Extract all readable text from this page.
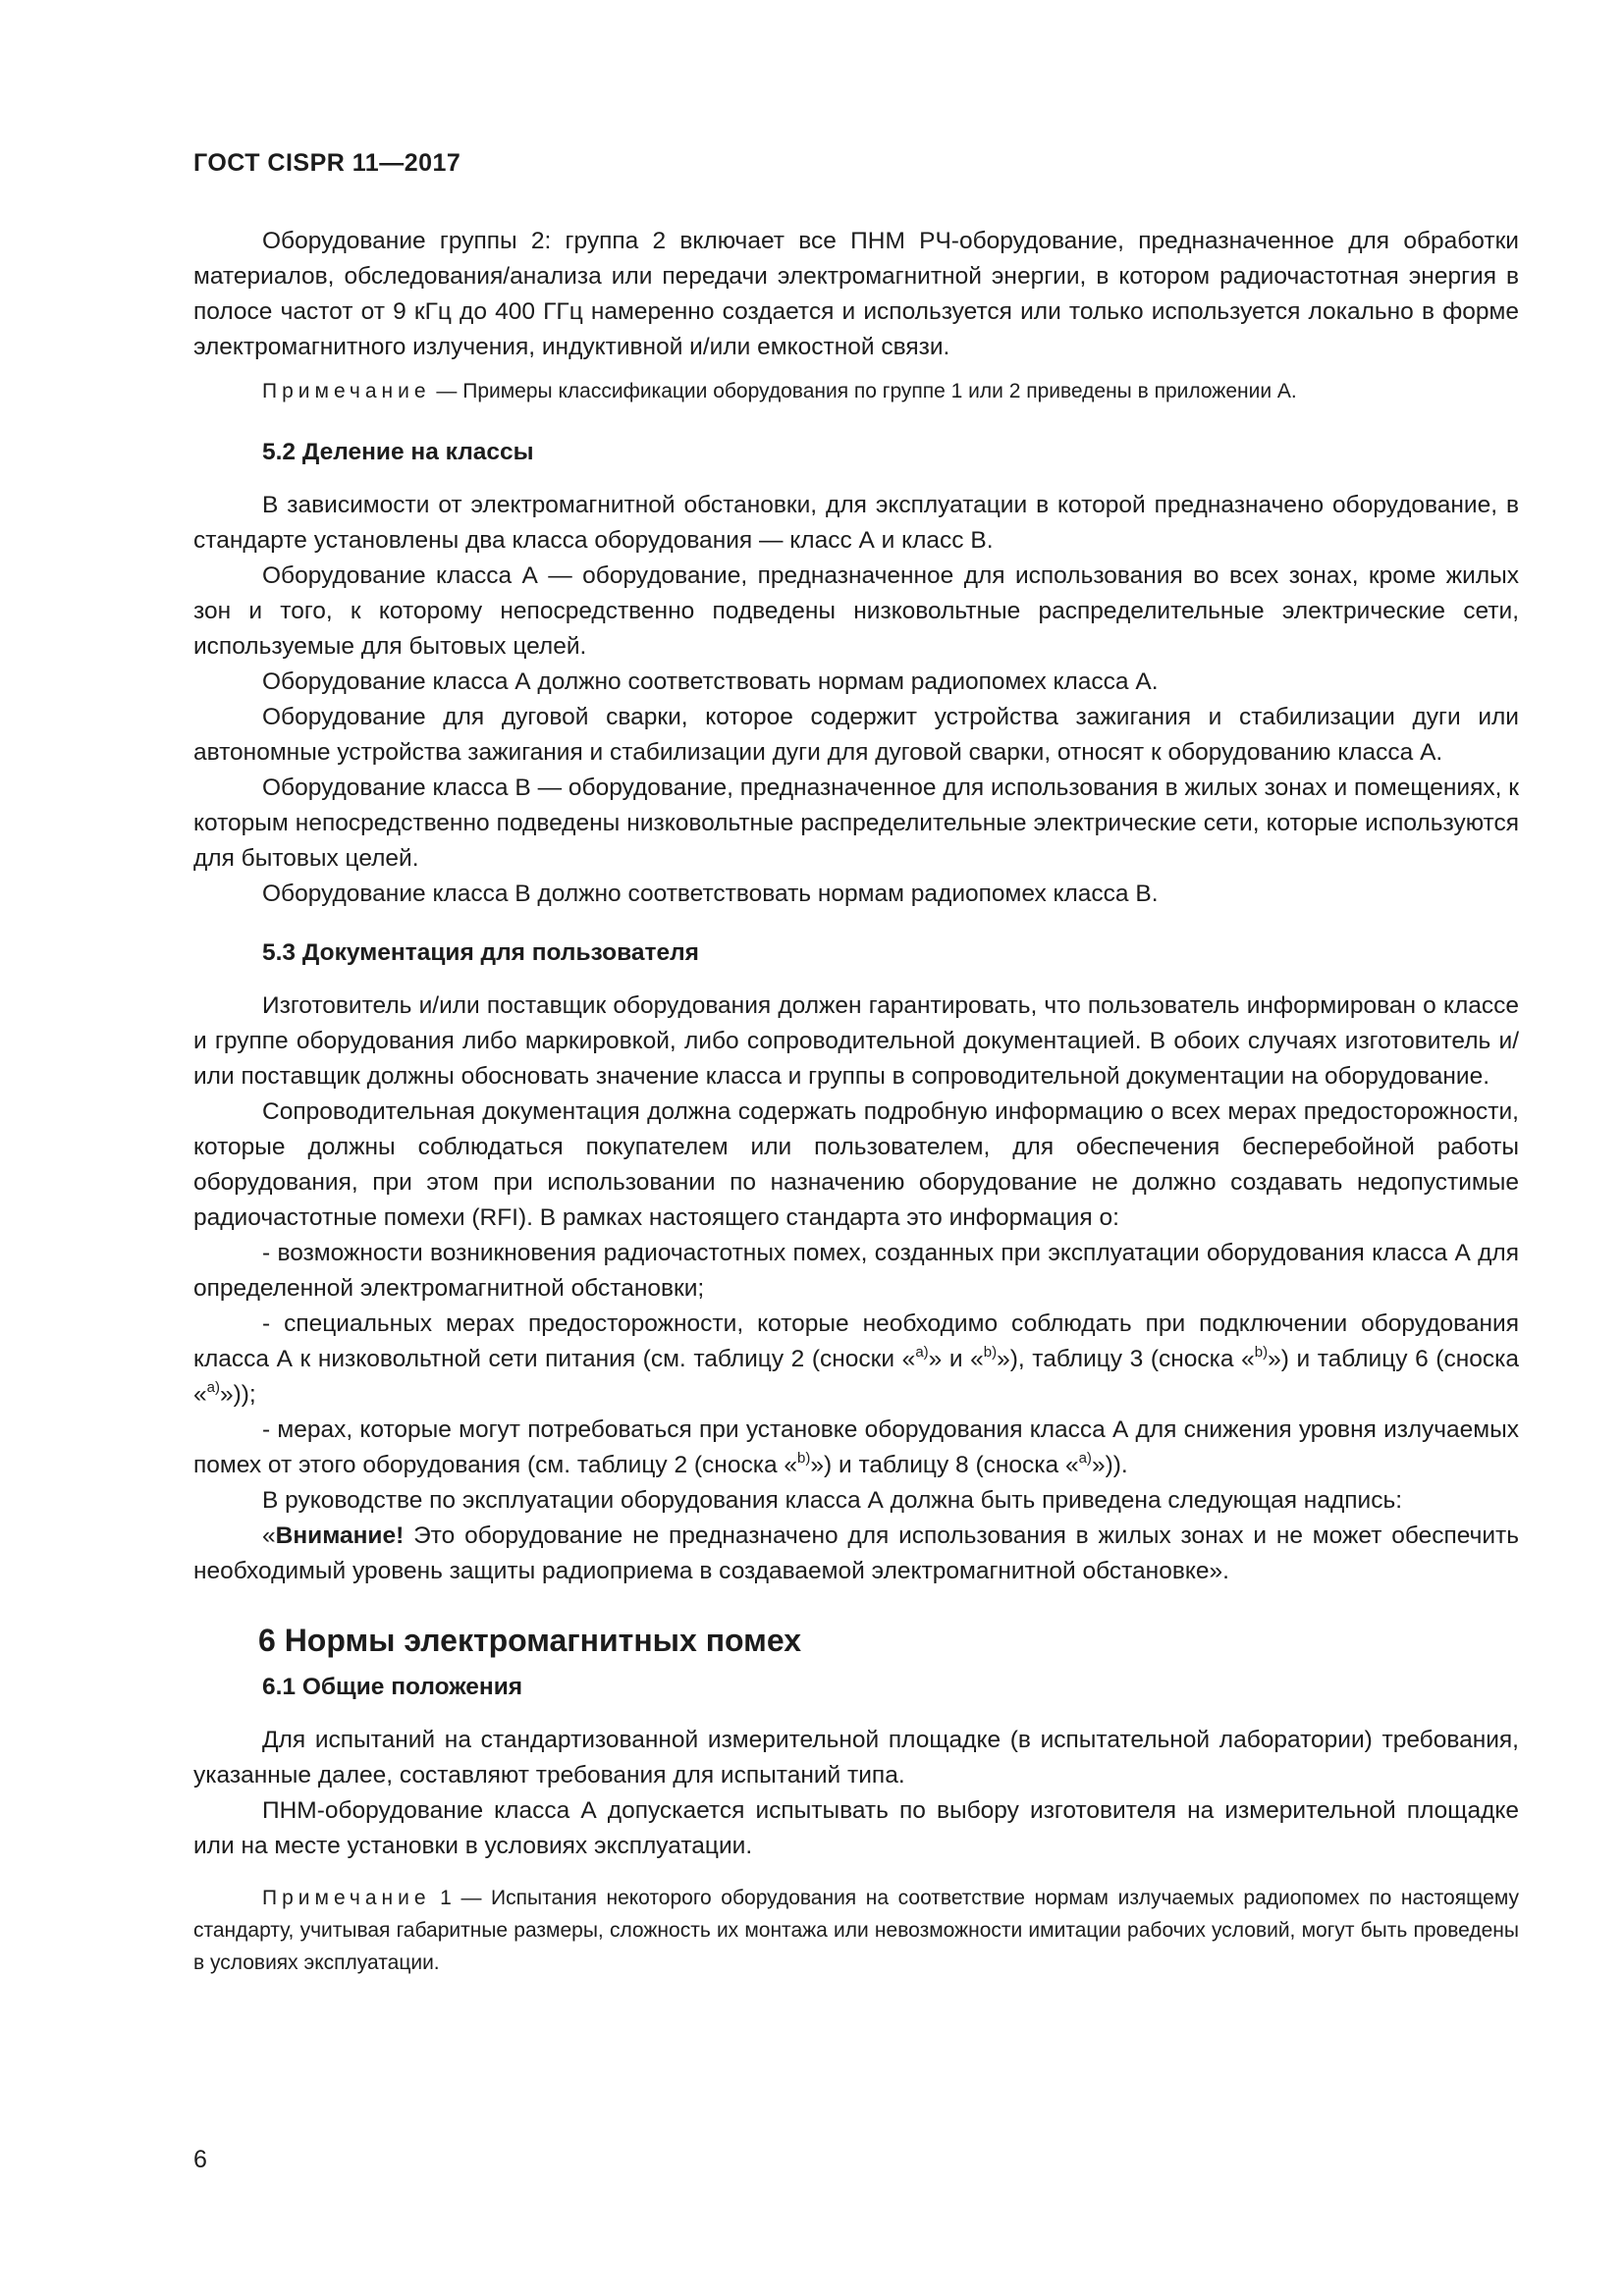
ГОСТ CISPR 11—2017

Оборудование группы 2: группа 2 включает все ПНМ РЧ-оборудование, предназначенное для обработки материалов, обследования/анализа или передачи электромагнитной энергии, в котором радиочастотная энергия в полосе частот от 9 кГц до 400 ГГц намеренно создается и используется или только используется локально в форме электромагнитного излучения, индуктивной и/или емкостной связи.

Примечание — Примеры классификации оборудования по группе 1 или 2 приведены в приложении А.

5.2 Деление на классы

В зависимости от электромагнитной обстановки, для эксплуатации в которой предназначено оборудование, в стандарте установлены два класса оборудования — класс А и класс В.

Оборудование класса А — оборудование, предназначенное для использования во всех зонах, кроме жилых зон и того, к которому непосредственно подведены низковольтные распределительные электрические сети, используемые для бытовых целей.

Оборудование класса А должно соответствовать нормам радиопомех класса А.

Оборудование для дуговой сварки, которое содержит устройства зажигания и стабилизации дуги или автономные устройства зажигания и стабилизации дуги для дуговой сварки, относят к оборудованию класса А.

Оборудование класса В — оборудование, предназначенное для использования в жилых зонах и помещениях, к которым непосредственно подведены низковольтные распределительные электрические сети, которые используются для бытовых целей.

Оборудование класса В должно соответствовать нормам радиопомех класса В.

5.3 Документация для пользователя

Изготовитель и/или поставщик оборудования должен гарантировать, что пользователь информирован о классе и группе оборудования либо маркировкой, либо сопроводительной документацией. В обоих случаях изготовитель и/или поставщик должны обосновать значение класса и группы в сопроводительной документации на оборудование.

Сопроводительная документация должна содержать подробную информацию о всех мерах предосторожности, которые должны соблюдаться покупателем или пользователем, для обеспечения бесперебойной работы оборудования, при этом при использовании по назначению оборудование не должно создавать недопустимые радиочастотные помехи (RFI). В рамках настоящего стандарта это информация о:

- возможности возникновения радиочастотных помех, созданных при эксплуатации оборудования класса А для определенной электромагнитной обстановки;

- специальных мерах предосторожности, которые необходимо соблюдать при подключении оборудования класса А к низковольтной сети питания (см. таблицу 2 (сноски «$^{a)}$» и «$^{b)}$»), таблицу 3 (сноска «$^{b)}$») и таблицу 6 (сноска «$^{a)}$»));

- мерах, которые могут потребоваться при установке оборудования класса А для снижения уровня излучаемых помех от этого оборудования (см. таблицу 2 (сноска «$^{b)}$») и таблицу 8 (сноска «$^{a)}$»)).

В руководстве по эксплуатации оборудования класса А должна быть приведена следующая надпись:

«Внимание! Это оборудование не предназначено для использования в жилых зонах и не может обеспечить необходимый уровень защиты радиоприема в создаваемой электромагнитной обстановке».

6 Нормы электромагнитных помех

6.1 Общие положения

Для испытаний на стандартизованной измерительной площадке (в испытательной лаборатории) требования, указанные далее, составляют требования для испытаний типа.

ПНМ-оборудование класса А допускается испытывать по выбору изготовителя на измерительной площадке или на месте установки в условиях эксплуатации.

Примечание 1 — Испытания некоторого оборудования на соответствие нормам излучаемых радиопомех по настоящему стандарту, учитывая габаритные размеры, сложность их монтажа или невозможности имитации рабочих условий, могут быть проведены в условиях эксплуатации.

6
